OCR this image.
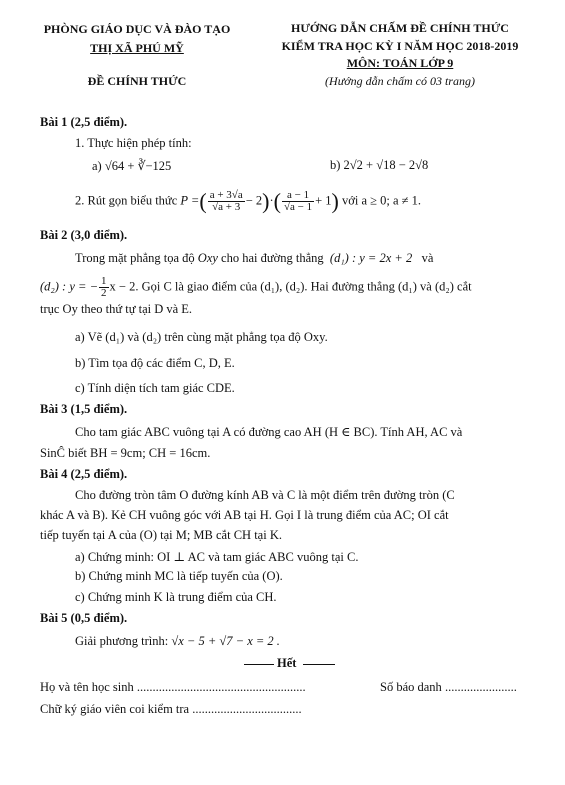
PHÒNG GIÁO DỤC VÀ ĐÀO TẠO
THỊ XÃ PHÚ MỸ
ĐỀ CHÍNH THỨC
HƯỚNG DẪN CHẤM ĐỀ CHÍNH THỨC
KIỂM TRA HỌC KỲ I NĂM HỌC 2018-2019
MÔN: TOÁN LỚP 9
(Hướng dẫn chấm có 03 trang)
Bài 1 (2,5 điểm).
1. Thực hiện phép tính:
a) √64 + ∛−125	b) 2√2 + √18 − 2√8
2. Rút gọn biểu thức P =( $\frac{a + 3√a}{√a + 3} - 2)\cdot( \frac{a - 1}{√a - 1} + 1)$ với a ≥ 0; a ≠ 1.
Bài 2 (3,0 điểm).
Trong mặt phẳng tọa độ Oxy cho hai đường thẳng (d₁) : y = 2x + 2 và
(d₂) : y = − $\frac{1}{2}$ x − 2. Gọi C là giao điểm của (d₁), (d₂). Hai đường thẳng (d₁) và (d₂) cắt
trục Oy theo thứ tự tại D và E.
a) Vẽ (d₁) và (d₂) trên cùng mặt phẳng tọa độ Oxy.
b) Tìm tọa độ các điểm C, D, E.
c) Tính diện tích tam giác CDE.
Bài 3 (1,5 điểm).
Cho tam giác ABC vuông tại A có đường cao AH (H ∈ BC). Tính AH, AC và
SinĈ biết BH = 9cm; CH = 16cm.
Bài 4 (2,5 điểm).
Cho đường tròn tâm O đường kính AB và C là một điểm trên đường tròn (C
khác A và B). Kẻ CH vuông góc với AB tại H. Gọi I là trung điểm của AC; OI cắt
tiếp tuyến tại A của (O) tại M; MB cắt CH tại K.
a) Chứng minh: OI ⊥ AC và tam giác ABC vuông tại C.
b) Chứng minh MC là tiếp tuyến của (O).
c) Chứng minh K là trung điểm của CH.
Bài 5 (0,5 điểm).
Giải phương trình: √x − 5 + √7 − x = 2 .
Hết
Họ và tên học sinh ......................................................	Số báo danh .......................
Chữ ký giáo viên coi kiểm tra ...................................
